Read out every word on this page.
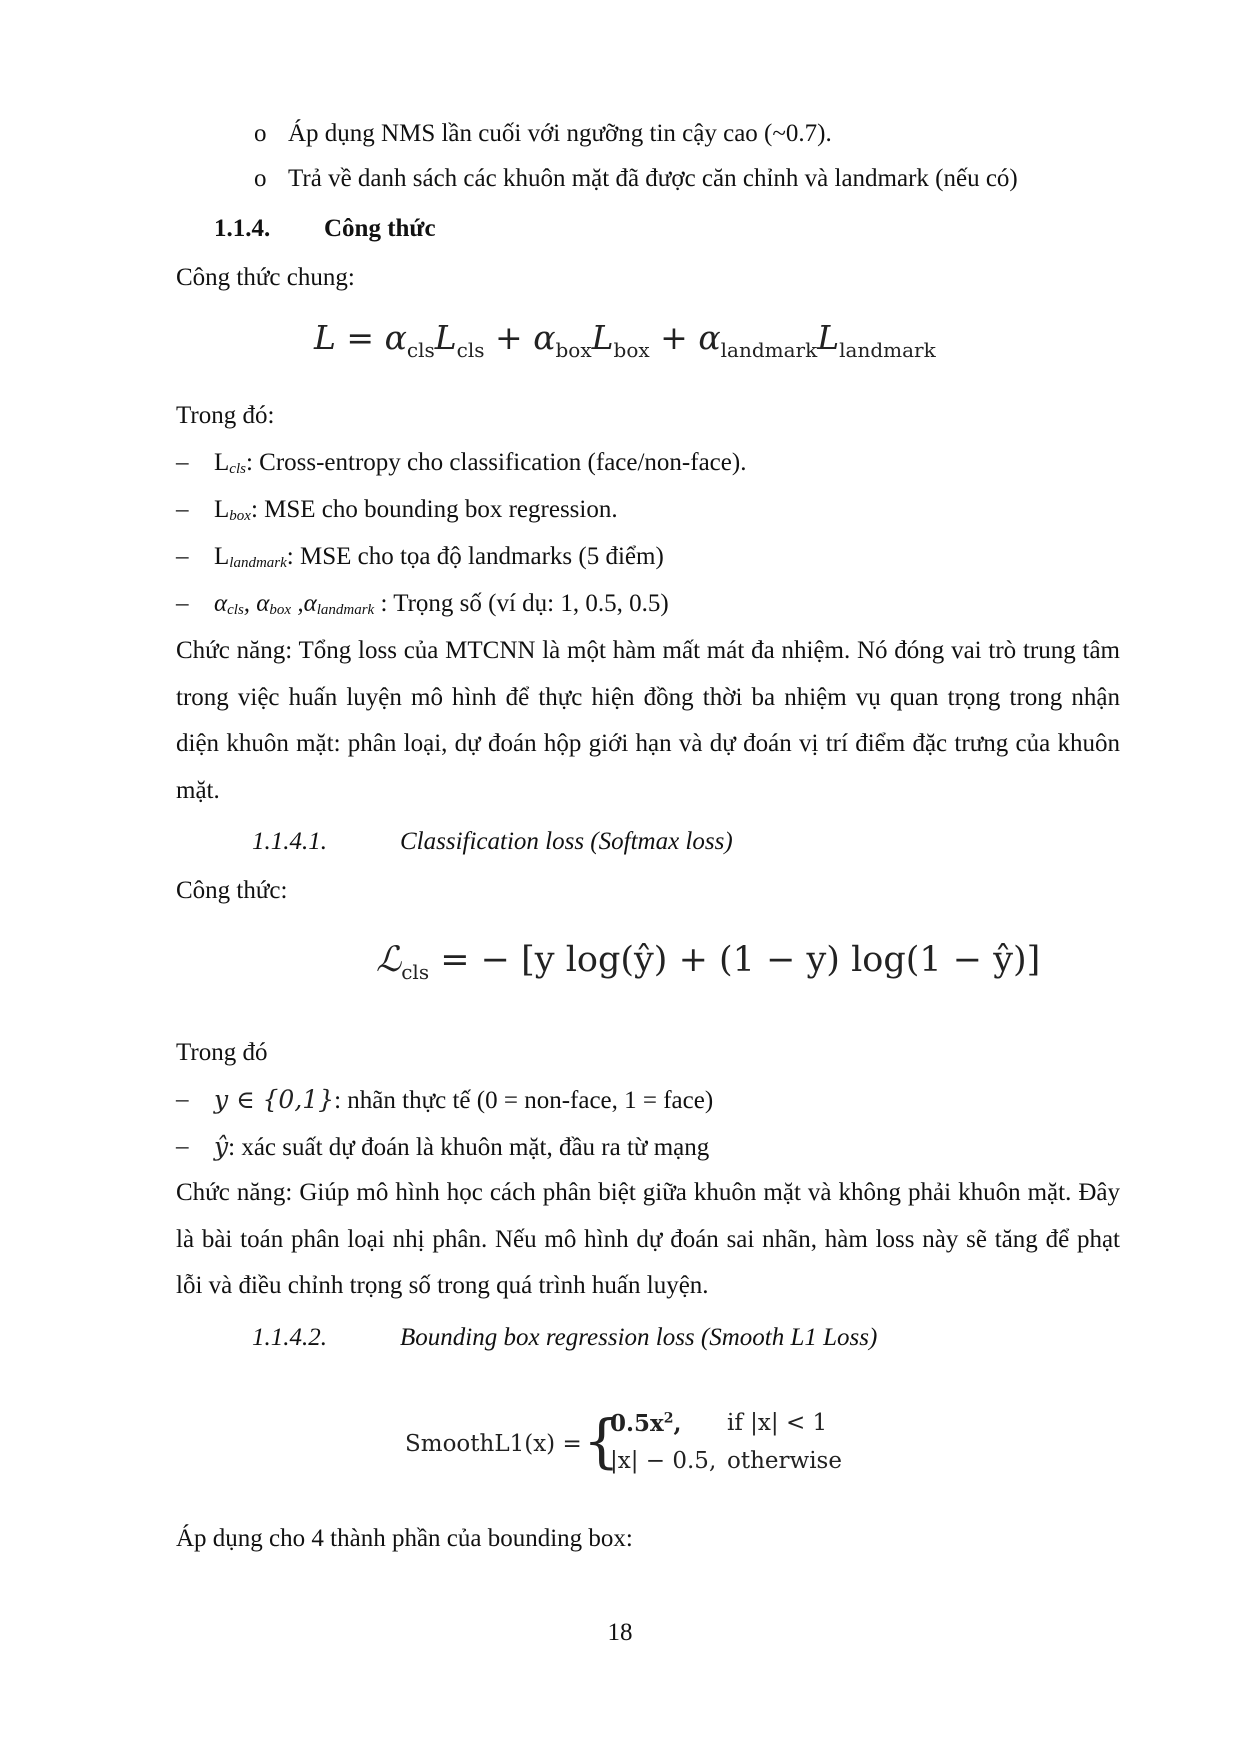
o Áp dụng NMS lần cuối với ngưỡng tin cậy cao (~0.7).
o Trả về danh sách các khuôn mặt đã được căn chỉnh và landmark (nếu có)
1.1.4. Công thức
Công thức chung:
$L = \alpha_{cls}L_{cls} + \alpha_{box}L_{box} + \alpha_{landmark}L_{landmark}$
Trong đó:
– $L_{cls}$: Cross-entropy cho classification (face/non-face).
– $L_{box}$: MSE cho bounding box regression.
– $L_{landmark}$: MSE cho tọa độ landmarks (5 điểm)
– $\alpha_{cls}$, $\alpha_{box}$ $,\alpha_{landmark}$ : Trọng số (ví dụ: 1, 0.5, 0.5)
Chức năng: Tổng loss của MTCNN là một hàm mất mát đa nhiệm. Nó đóng vai trò trung tâm trong việc huấn luyện mô hình để thực hiện đồng thời ba nhiệm vụ quan trọng trong nhận diện khuôn mặt: phân loại, dự đoán hộp giới hạn và dự đoán vị trí điểm đặc trưng của khuôn mặt.
1.1.4.1.	Classification loss (Softmax loss)
Công thức:
ℒ$_{cls}$ = − [y log(ŷ) + (1 − y) log(1 − ŷ)]
Trong đó
– y ∈ {0,1}: nhãn thực tế (0 = non-face, 1 = face)
– ŷ: xác suất dự đoán là khuôn mặt, đầu ra từ mạng
Chức năng: Giúp mô hình học cách phân biệt giữa khuôn mặt và không phải khuôn mặt. Đây là bài toán phân loại nhị phân. Nếu mô hình dự đoán sai nhãn, hàm loss này sẽ tăng để phạt lỗi và điều chỉnh trọng số trong quá trình huấn luyện.
1.1.4.2.	Bounding box regression loss (Smooth L1 Loss)
SmoothL1(x) = {
$0.5x^2$, if |x| < 1
|x| − 0.5, otherwise
Áp dụng cho 4 thành phần của bounding box:
18
